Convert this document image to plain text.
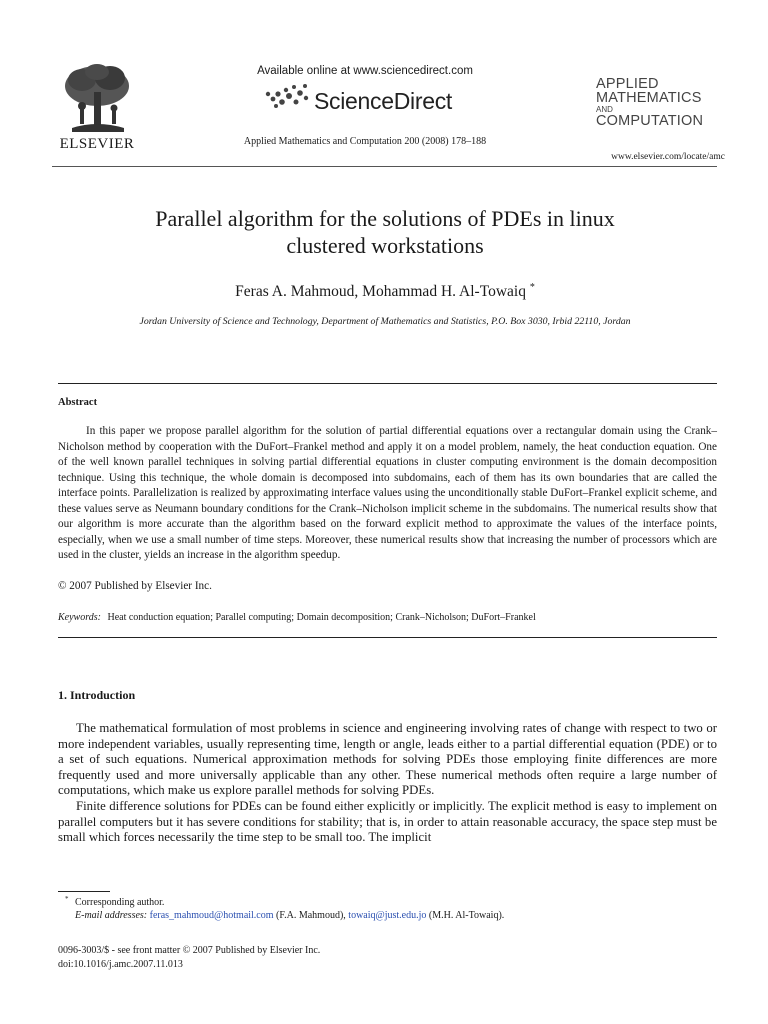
ELSEVIER
Available online at www.sciencedirect.com
ScienceDirect
Applied Mathematics and Computation 200 (2008) 178–188
APPLIED
MATHEMATICS
AND
COMPUTATION
www.elsevier.com/locate/amc
Parallel algorithm for the solutions of PDEs in linux
clustered workstations
Feras A. Mahmoud, Mohammad H. Al-Towaiq *
Jordan University of Science and Technology, Department of Mathematics and Statistics, P.O. Box 3030, Irbid 22110, Jordan
Abstract
In this paper we propose parallel algorithm for the solution of partial differential equations over a rectangular domain using the Crank–Nicholson method by cooperation with the DuFort–Frankel method and apply it on a model problem, namely, the heat conduction equation. One of the well known parallel techniques in solving partial differential equations in cluster computing environment is the domain decomposition technique. Using this technique, the whole domain is decomposed into subdomains, each of them has its own boundaries that are called the interface points. Parallelization is realized by approximating interface values using the unconditionally stable DuFort–Frankel explicit scheme, and these values serve as Neumann boundary conditions for the Crank–Nicholson implicit scheme in the subdomains. The numerical results show that our algorithm is more accurate than the algorithm based on the forward explicit method to approximate the values of the interface points, especially, when we use a small number of time steps. Moreover, these numerical results show that increasing the number of processors which are used in the cluster, yields an increase in the algorithm speedup.
© 2007 Published by Elsevier Inc.
Keywords: Heat conduction equation; Parallel computing; Domain decomposition; Crank–Nicholson; DuFort–Frankel
1. Introduction

The mathematical formulation of most problems in science and engineering involving rates of change with respect to two or more independent variables, usually representing time, length or angle, leads either to a partial differential equation (PDE) or to a set of such equations. Numerical approximation methods for solving PDEs those employing finite differences are more frequently used and more universally applicable than any other. These numerical methods often require a large number of computations, which make us explore parallel methods for solving PDEs.

Finite difference solutions for PDEs can be found either explicitly or implicitly. The explicit method is easy to implement on parallel computers but it has severe conditions for stability; that is, in order to attain reasonable accuracy, the space step must be small which forces necessarily the time step to be small too. The implicit

* Corresponding author.
E-mail addresses: feras_mahmoud@hotmail.com (F.A. Mahmoud), towaiq@just.edu.jo (M.H. Al-Towaiq).
0096-3003/$ - see front matter © 2007 Published by Elsevier Inc.
doi:10.1016/j.amc.2007.11.013
